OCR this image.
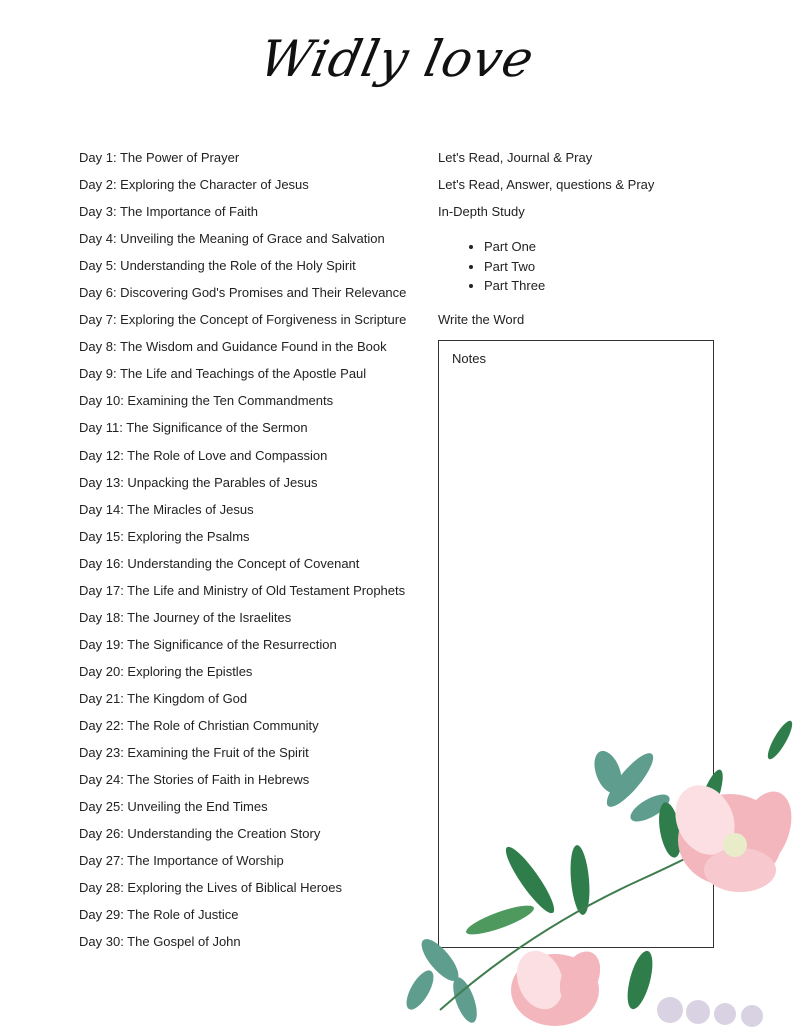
Widly love
Day 1: The Power of Prayer
Day 2: Exploring the Character of Jesus
Day 3: The Importance of Faith
Day 4: Unveiling the Meaning of Grace and Salvation
Day 5: Understanding the Role of the Holy Spirit
Day 6: Discovering God's Promises and Their Relevance
Day 7: Exploring the Concept of Forgiveness in Scripture
Day 8: The Wisdom and Guidance Found in the Book
Day 9: The Life and Teachings of the Apostle Paul
Day 10: Examining the Ten Commandments
Day 11: The Significance of the Sermon
Day 12: The Role of Love and Compassion
Day 13: Unpacking the Parables of Jesus
Day 14: The Miracles of Jesus
Day 15: Exploring the Psalms
Day 16: Understanding the Concept of Covenant
Day 17: The Life and Ministry of Old Testament Prophets
Day 18: The Journey of the Israelites
Day 19: The Significance of the Resurrection
Day 20: Exploring the Epistles
Day 21: The Kingdom of God
Day 22: The Role of Christian Community
Day 23: Examining the Fruit of the Spirit
Day 24: The Stories of Faith in Hebrews
Day 25: Unveiling the End Times
Day 26: Understanding the Creation Story
Day 27: The Importance of Worship
Day 28: Exploring the Lives of Biblical Heroes
Day 29: The Role of Justice
Day 30: The Gospel of John
Let's Read, Journal & Pray
Let's Read, Answer, questions & Pray
In-Depth Study
• Part One
• Part Two
• Part Three
Write the Word
Notes
